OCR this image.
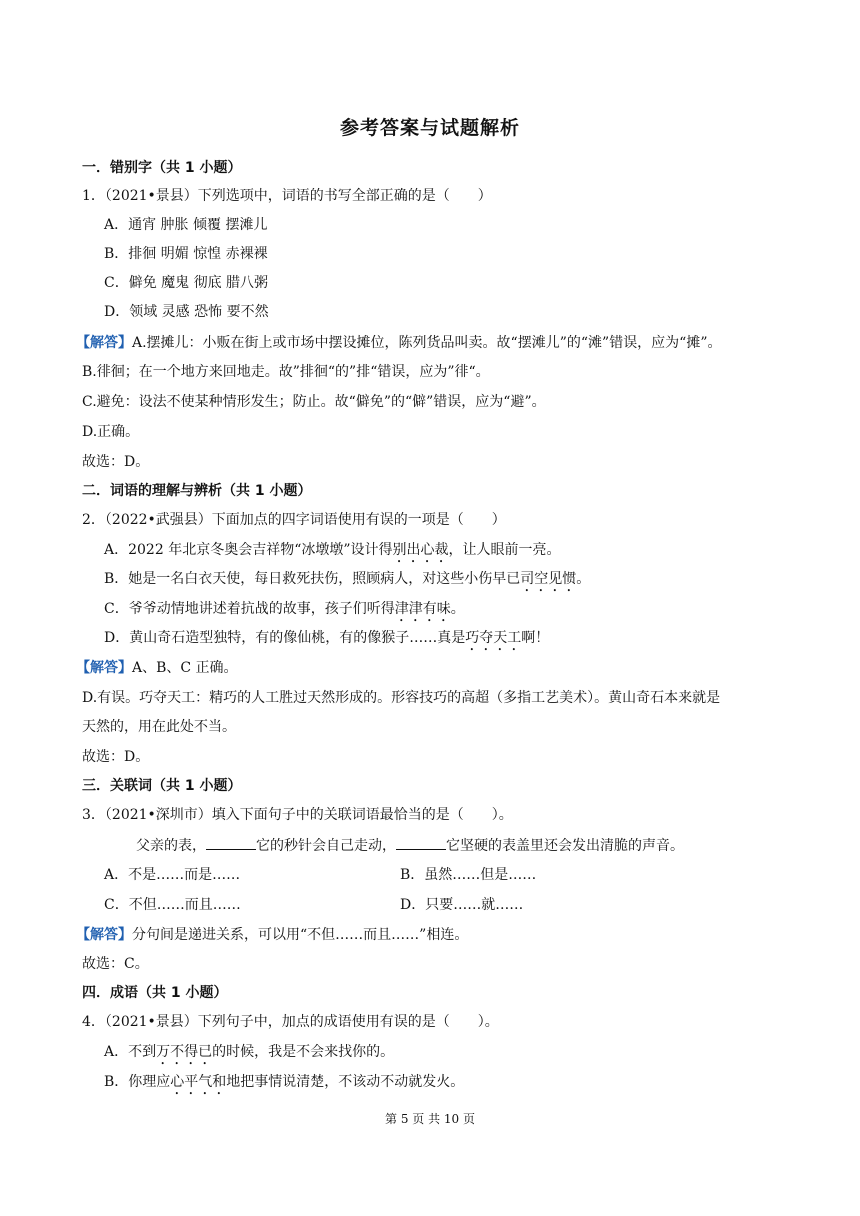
参考答案与试题解析
一．错别字（共 1 小题）
1．（2021•景县）下列选项中，词语的书写全部正确的是（　　）
A．通宵 肿胀 倾覆 摆滩儿
B．排徊 明媚 惊惶 赤裸裸
C．僻免 魔鬼 彻底 腊八粥
D．领域 灵感 恐怖 要不然
【解答】A.摆摊儿：小贩在街上或市场中摆设摊位，陈列货品叫卖。故“摆滩儿”的“滩”错误，应为“摊”。
B.徘徊；在一个地方来回地走。故”排徊“的”排“错误，应为”徘“。
C.避免：设法不使某种情形发生；防止。故“僻免”的“僻”错误，应为“避”。
D.正确。
故选：D。
二．词语的理解与辨析（共 1 小题）
2．（2022•武强县）下面加点的四字词语使用有误的一项是（　　）
A．2022 年北京冬奥会吉祥物“冰墩墩”设计得别出心裁，让人眼前一亮。
B．她是一名白衣天使，每日救死扶伤，照顾病人，对这些小伤早已司空见惯。
C．爷爷动情地讲述着抗战的故事，孩子们听得津津有味。
D．黄山奇石造型独特，有的像仙桃，有的像猴子……真是巧夺天工啊！
【解答】A、B、C 正确。
D.有误。巧夺天工：精巧的人工胜过天然形成的。形容技巧的高超（多指工艺美术）。黄山奇石本来就是
天然的，用在此处不当。
故选：D。
三．关联词（共 1 小题）
3．（2021•深圳市）填入下面句子中的关联词语最恰当的是（　　）。
父亲的表，	它的秒针会自己走动，	它坚硬的表盖里还会发出清脆的声音。
A．不是……而是……	B．虽然……但是……
C．不但……而且……	D．只要……就……
【解答】分句间是递进关系，可以用“不但……而且……”相连。
故选：C。
四．成语（共 1 小题）
4．（2021•景县）下列句子中，加点的成语使用有误的是（　　）。
A．不到万不得已的时候，我是不会来找你的。
B．你理应心平气和地把事情说清楚，不该动不动就发火。
第 5 页 共 10 页
